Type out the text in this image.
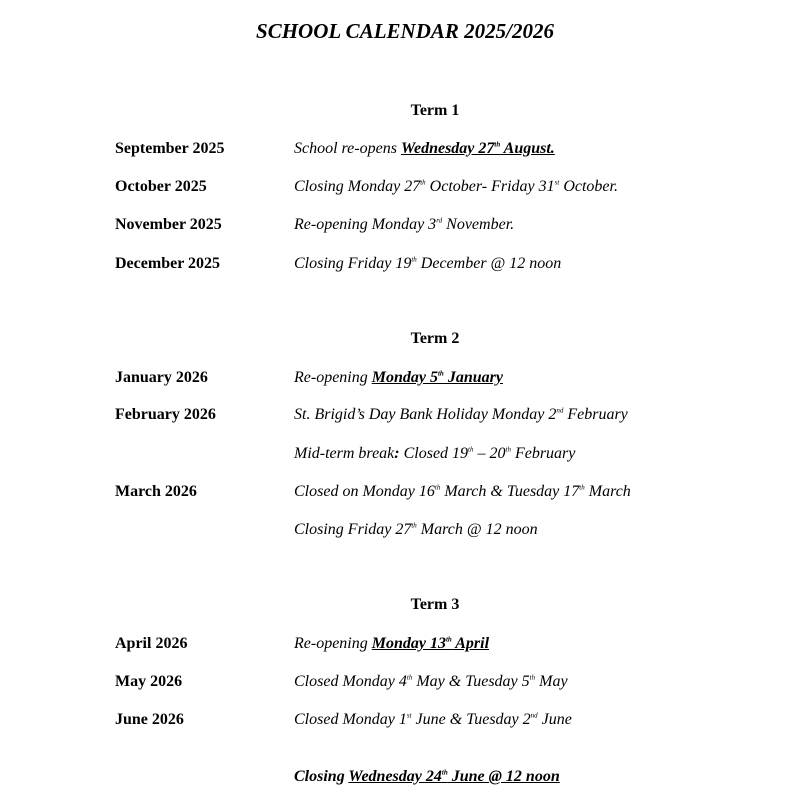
SCHOOL CALENDAR 2025/2026
Term 1
September 2025	School re-opens Wednesday 27th August.
October 2025	Closing Monday 27th October- Friday 31st October.
November 2025	Re-opening Monday 3rd November.
December 2025	Closing Friday 19th December @ 12 noon
Term 2
January 2026	Re-opening Monday 5th January
February 2026	St. Brigid’s Day Bank Holiday Monday 2nd February
Mid-term break: Closed 19th – 20th February
March 2026	Closed on Monday 16th March & Tuesday 17th March
Closing Friday 27th March @ 12 noon
Term 3
April 2026	Re-opening Monday 13th April
May 2026	Closed Monday 4th May & Tuesday 5th May
June 2026	Closed Monday 1st June & Tuesday 2nd June
Closing Wednesday 24th June @ 12 noon
